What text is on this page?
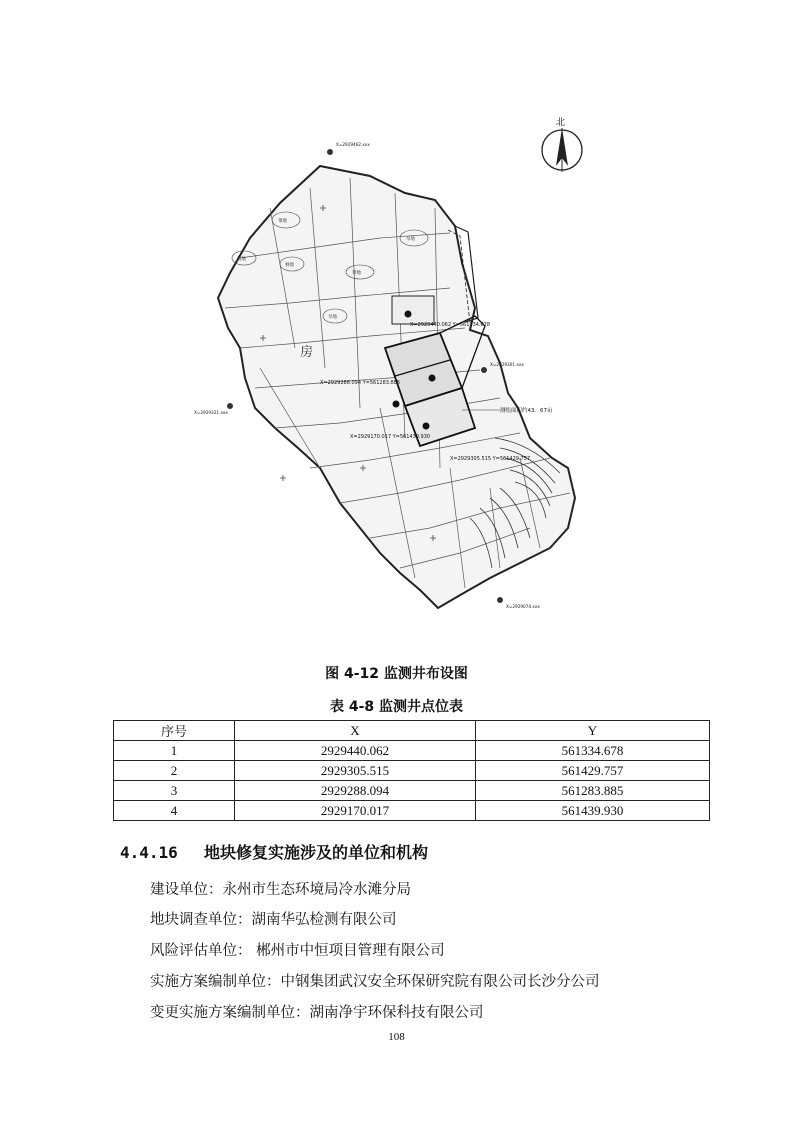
北
X=2929462.xxx
X=2929301.xxx
X=2929321.xxx
X=2929074.xxx
X=2929440.062 Y=561334.678
X=2929305.515 Y=561429.757
X=2929288.094 Y=561283.885
X=2929170.017 Y=561439.930
测绘面积约43．67亩
房
菜地
旱地
荒地
林地
菜地
旱地
图 4-12 监测井布设图
表 4-8 监测井点位表
序号	X	Y
1	2929440.062	561334.678
2	2929305.515	561429.757
3	2929288.094	561283.885
4	2929170.017	561439.930
4.4.16 地块修复实施涉及的单位和机构
建设单位：永州市生态环境局冷水滩分局
地块调查单位：湖南华弘检测有限公司
风险评估单位： 郴州市中恒项目管理有限公司
实施方案编制单位：中钢集团武汉安全环保研究院有限公司长沙分公司
变更实施方案编制单位：湖南净宇环保科技有限公司
108
